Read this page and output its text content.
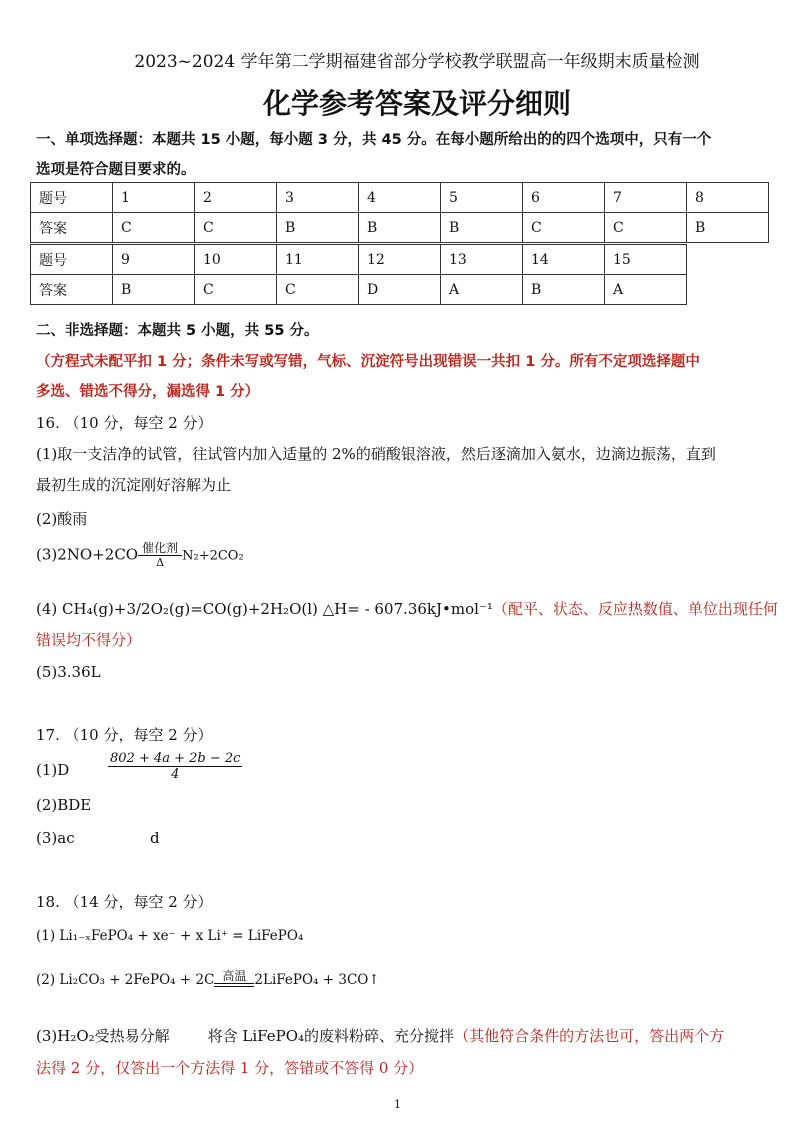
2023~2024 学年第二学期福建省部分学校教学联盟高一年级期末质量检测
化学参考答案及评分细则
一、单项选择题：本题共 15 小题，每小题 3 分，共 45 分。在每小题所给出的的四个选项中，只有一个
选项是符合题目要求的。
题号	1	2	3	4	5	6	7	8
答案	C	C	B	B	B	C	C	B
题号	9	10	11	12	13	14	15
答案	B	C	C	D	A	B	A
二、非选择题：本题共 5 小题，共 55 分。
（方程式未配平扣 1 分；条件未写或写错，气标、沉淀符号出现错误一共扣 1 分。所有不定项选择题中
多选、错选不得分，漏选得 1 分）
16. （10 分，每空 2 分）
(1)取一支洁净的试管，往试管内加入适量的 2%的硝酸银溶液，然后逐滴加入氨水，边滴边振荡，直到
最初生成的沉淀刚好溶解为止
(2)酸雨
(3)2NO+2CO 催化剂
Δ	N₂+2CO₂
(4) CH₄(g)+3/2O₂(g)=CO(g)+2H₂O(l) △H= - 607.36kJ•mol⁻¹（配平、状态、反应热数值、单位出现任何
错误均不得分）
(5)3.36L
17. （10 分，每空 2 分）
(1)D	$\frac{802 + 4a + 2b - 2c}{4}$
(2)BDE
(3)ac	d
18. （14 分，每空 2 分）
(1) Li₁₋ₓFePO₄ + xe⁻ + x Li⁺ = LiFePO₄
(2) Li₂CO₃ + 2FePO₄ + 2C 高温 2LiFePO₄ + 3CO↑
(3)H₂O₂受热易分解	将含 LiFePO₄的废料粉碎、充分搅拌（其他符合条件的方法也可，答出两个方
法得 2 分，仅答出一个方法得 1 分，答错或不答得 0 分）
1
